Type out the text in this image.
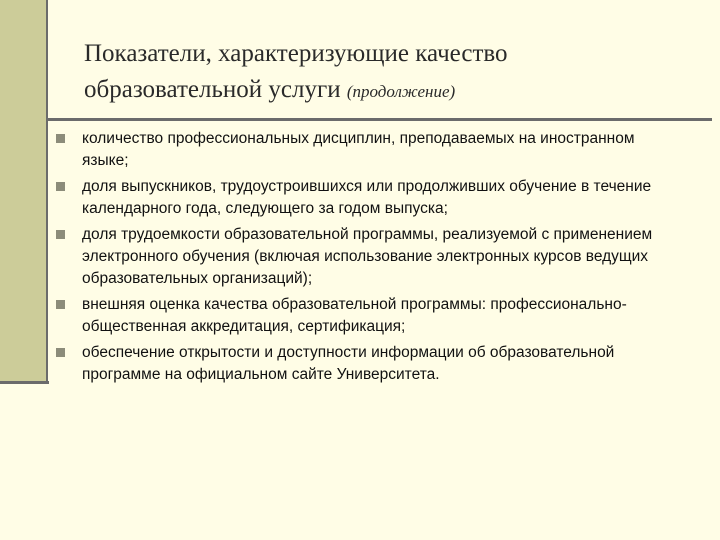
Показатели, характеризующие качество образовательной услуги (продолжение)
количество профессиональных дисциплин, преподаваемых на иностранном языке;
доля выпускников, трудоустроившихся или продолживших обучение в течение календарного года, следующего за годом выпуска;
доля трудоемкости образовательной программы, реализуемой с применением электронного обучения (включая использование электронных курсов ведущих образовательных организаций);
внешняя оценка качества образовательной программы: профессионально-общественная аккредитация, сертификация;
обеспечение открытости и доступности информации об образовательной программе на официальном сайте Университета.
